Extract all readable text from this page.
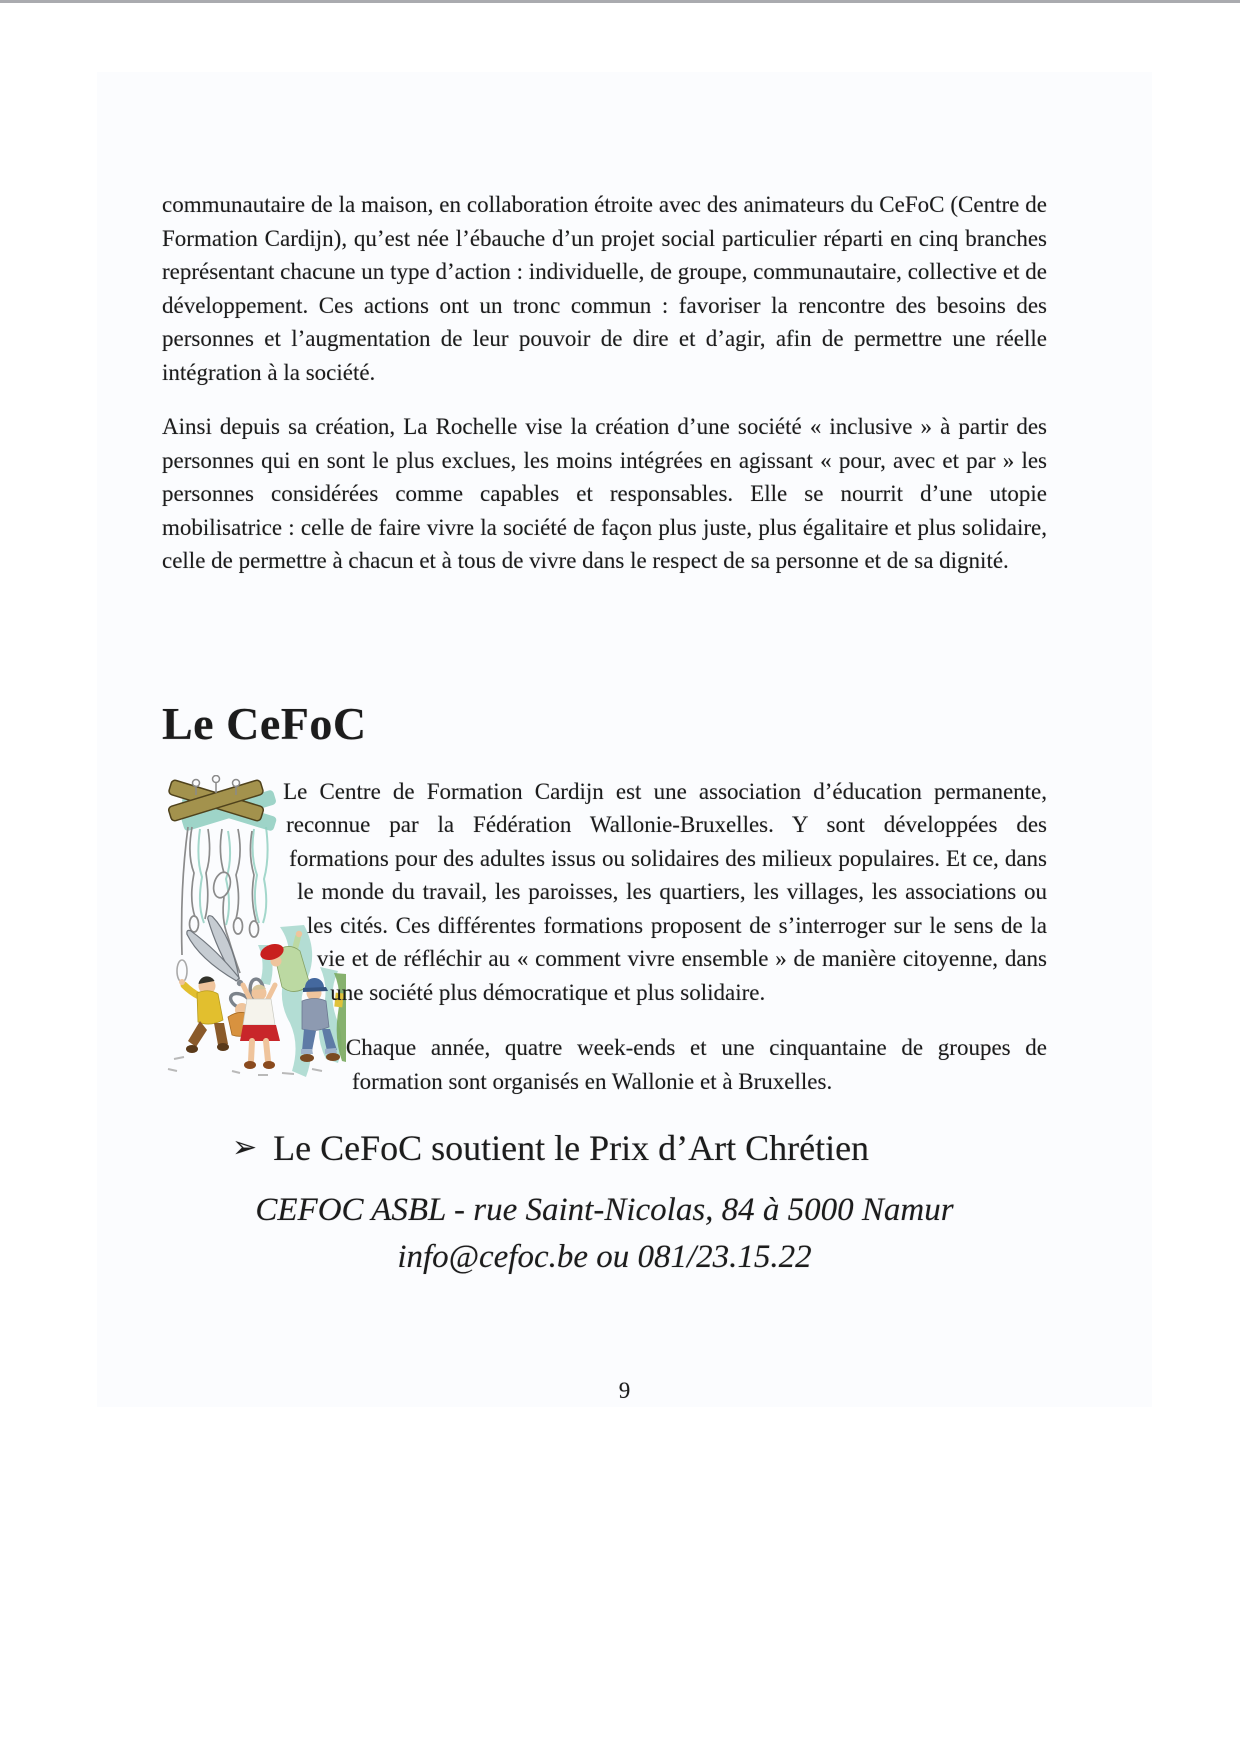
communautaire de la maison, en collaboration étroite avec des animateurs du CeFoC (Centre de Formation Cardijn), qu’est née l’ébauche d’un projet social particulier réparti en cinq branches représentant chacune un type d’action : individuelle, de groupe, communautaire, collective et de développement. Ces actions ont un tronc commun : favoriser la rencontre des besoins des personnes et l’augmentation de leur pouvoir de dire et d’agir, afin de permettre une réelle intégration à la société.

Ainsi depuis sa création, La Rochelle vise la création d’une société « inclusive » à partir des personnes qui en sont le plus exclues, les moins intégrées en agissant « pour, avec et par » les personnes considérées comme capables et responsables. Elle se nourrit d’une utopie mobilisatrice : celle de faire vivre la société de façon plus juste, plus égalitaire et plus solidaire, celle de permettre à chacun et à tous de vivre dans le respect de sa personne et de sa dignité.

Le CeFoC

Le Centre de Formation Cardijn est une association d’éducation permanente, reconnue par la Fédération Wallonie-Bruxelles. Y sont développées des formations pour des adultes issus ou solidaires des milieux populaires. Et ce, dans le monde du travail, les paroisses, les quartiers, les villages, les associations ou les cités. Ces différentes formations proposent de s’interroger sur le sens de la vie et de réfléchir au « comment vivre ensemble » de manière citoyenne, dans une société plus démocratique et plus solidaire.

Chaque année, quatre week-ends et une cinquantaine de groupes de formation sont organisés en Wallonie et à Bruxelles.

➢ Le CeFoC soutient le Prix d’Art Chrétien
CEFOC ASBL - rue Saint-Nicolas, 84 à 5000 Namur
info@cefoc.be ou 081/23.15.22
9
